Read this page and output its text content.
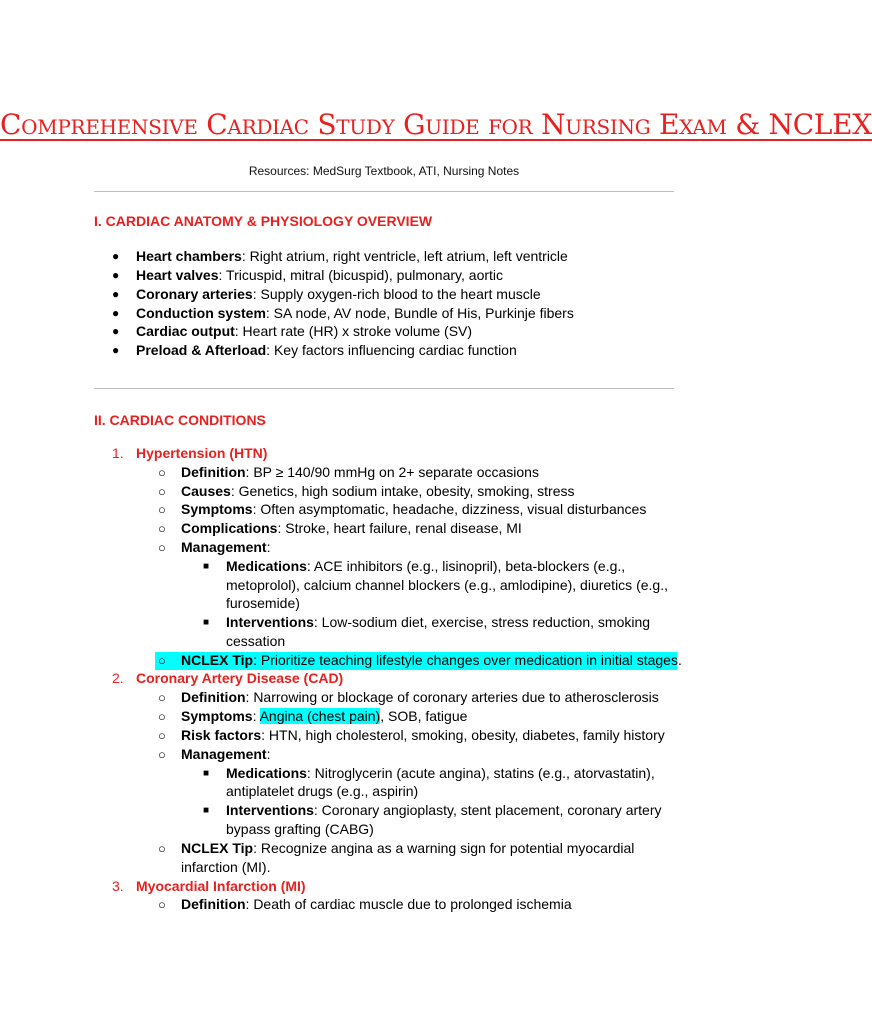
Comprehensive Cardiac Study Guide for Nursing Exam & NCLEX
Resources: MedSurg Textbook, ATI, Nursing Notes
I. CARDIAC ANATOMY & PHYSIOLOGY OVERVIEW
● Heart chambers: Right atrium, right ventricle, left atrium, left ventricle
● Heart valves: Tricuspid, mitral (bicuspid), pulmonary, aortic
● Coronary arteries: Supply oxygen-rich blood to the heart muscle
● Conduction system: SA node, AV node, Bundle of His, Purkinje fibers
● Cardiac output: Heart rate (HR) x stroke volume (SV)
● Preload & Afterload: Key factors influencing cardiac function
II. CARDIAC CONDITIONS
1. Hypertension (HTN)
○ Definition: BP ≥ 140/90 mmHg on 2+ separate occasions
○ Causes: Genetics, high sodium intake, obesity, smoking, stress
○ Symptoms: Often asymptomatic, headache, dizziness, visual disturbances
○ Complications: Stroke, heart failure, renal disease, MI
○ Management:
■ Medications: ACE inhibitors (e.g., lisinopril), beta-blockers (e.g.,
metoprolol), calcium channel blockers (e.g., amlodipine), diuretics (e.g.,
furosemide)
■ Interventions: Low-sodium diet, exercise, stress reduction, smoking
cessation
○ NCLEX Tip: Prioritize teaching lifestyle changes over medication in initial stages.
2. Coronary Artery Disease (CAD)
○ Definition: Narrowing or blockage of coronary arteries due to atherosclerosis
○ Symptoms: Angina (chest pain), SOB, fatigue
○ Risk factors: HTN, high cholesterol, smoking, obesity, diabetes, family history
○ Management:
■ Medications: Nitroglycerin (acute angina), statins (e.g., atorvastatin),
antiplatelet drugs (e.g., aspirin)
■ Interventions: Coronary angioplasty, stent placement, coronary artery
bypass grafting (CABG)
○ NCLEX Tip: Recognize angina as a warning sign for potential myocardial
infarction (MI).
3. Myocardial Infarction (MI)
○ Definition: Death of cardiac muscle due to prolonged ischemia
